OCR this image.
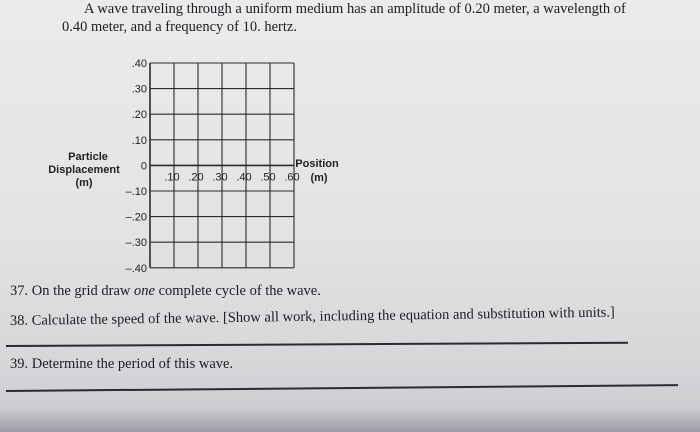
A wave traveling through a uniform medium has an amplitude of 0.20 meter, a wavelength of
0.40 meter, and a frequency of 10. hertz.
.40
.30
.20
.10
0
–.10
–.20
–.30
–.40
.10 .20 .30 .40 .50 .60
Particle
Displacement
(m)
Position
(m)
37. On the grid draw one complete cycle of the wave.
38. Calculate the speed of the wave. [Show all work, including the equation and substitution with units.]
39. Determine the period of this wave.
